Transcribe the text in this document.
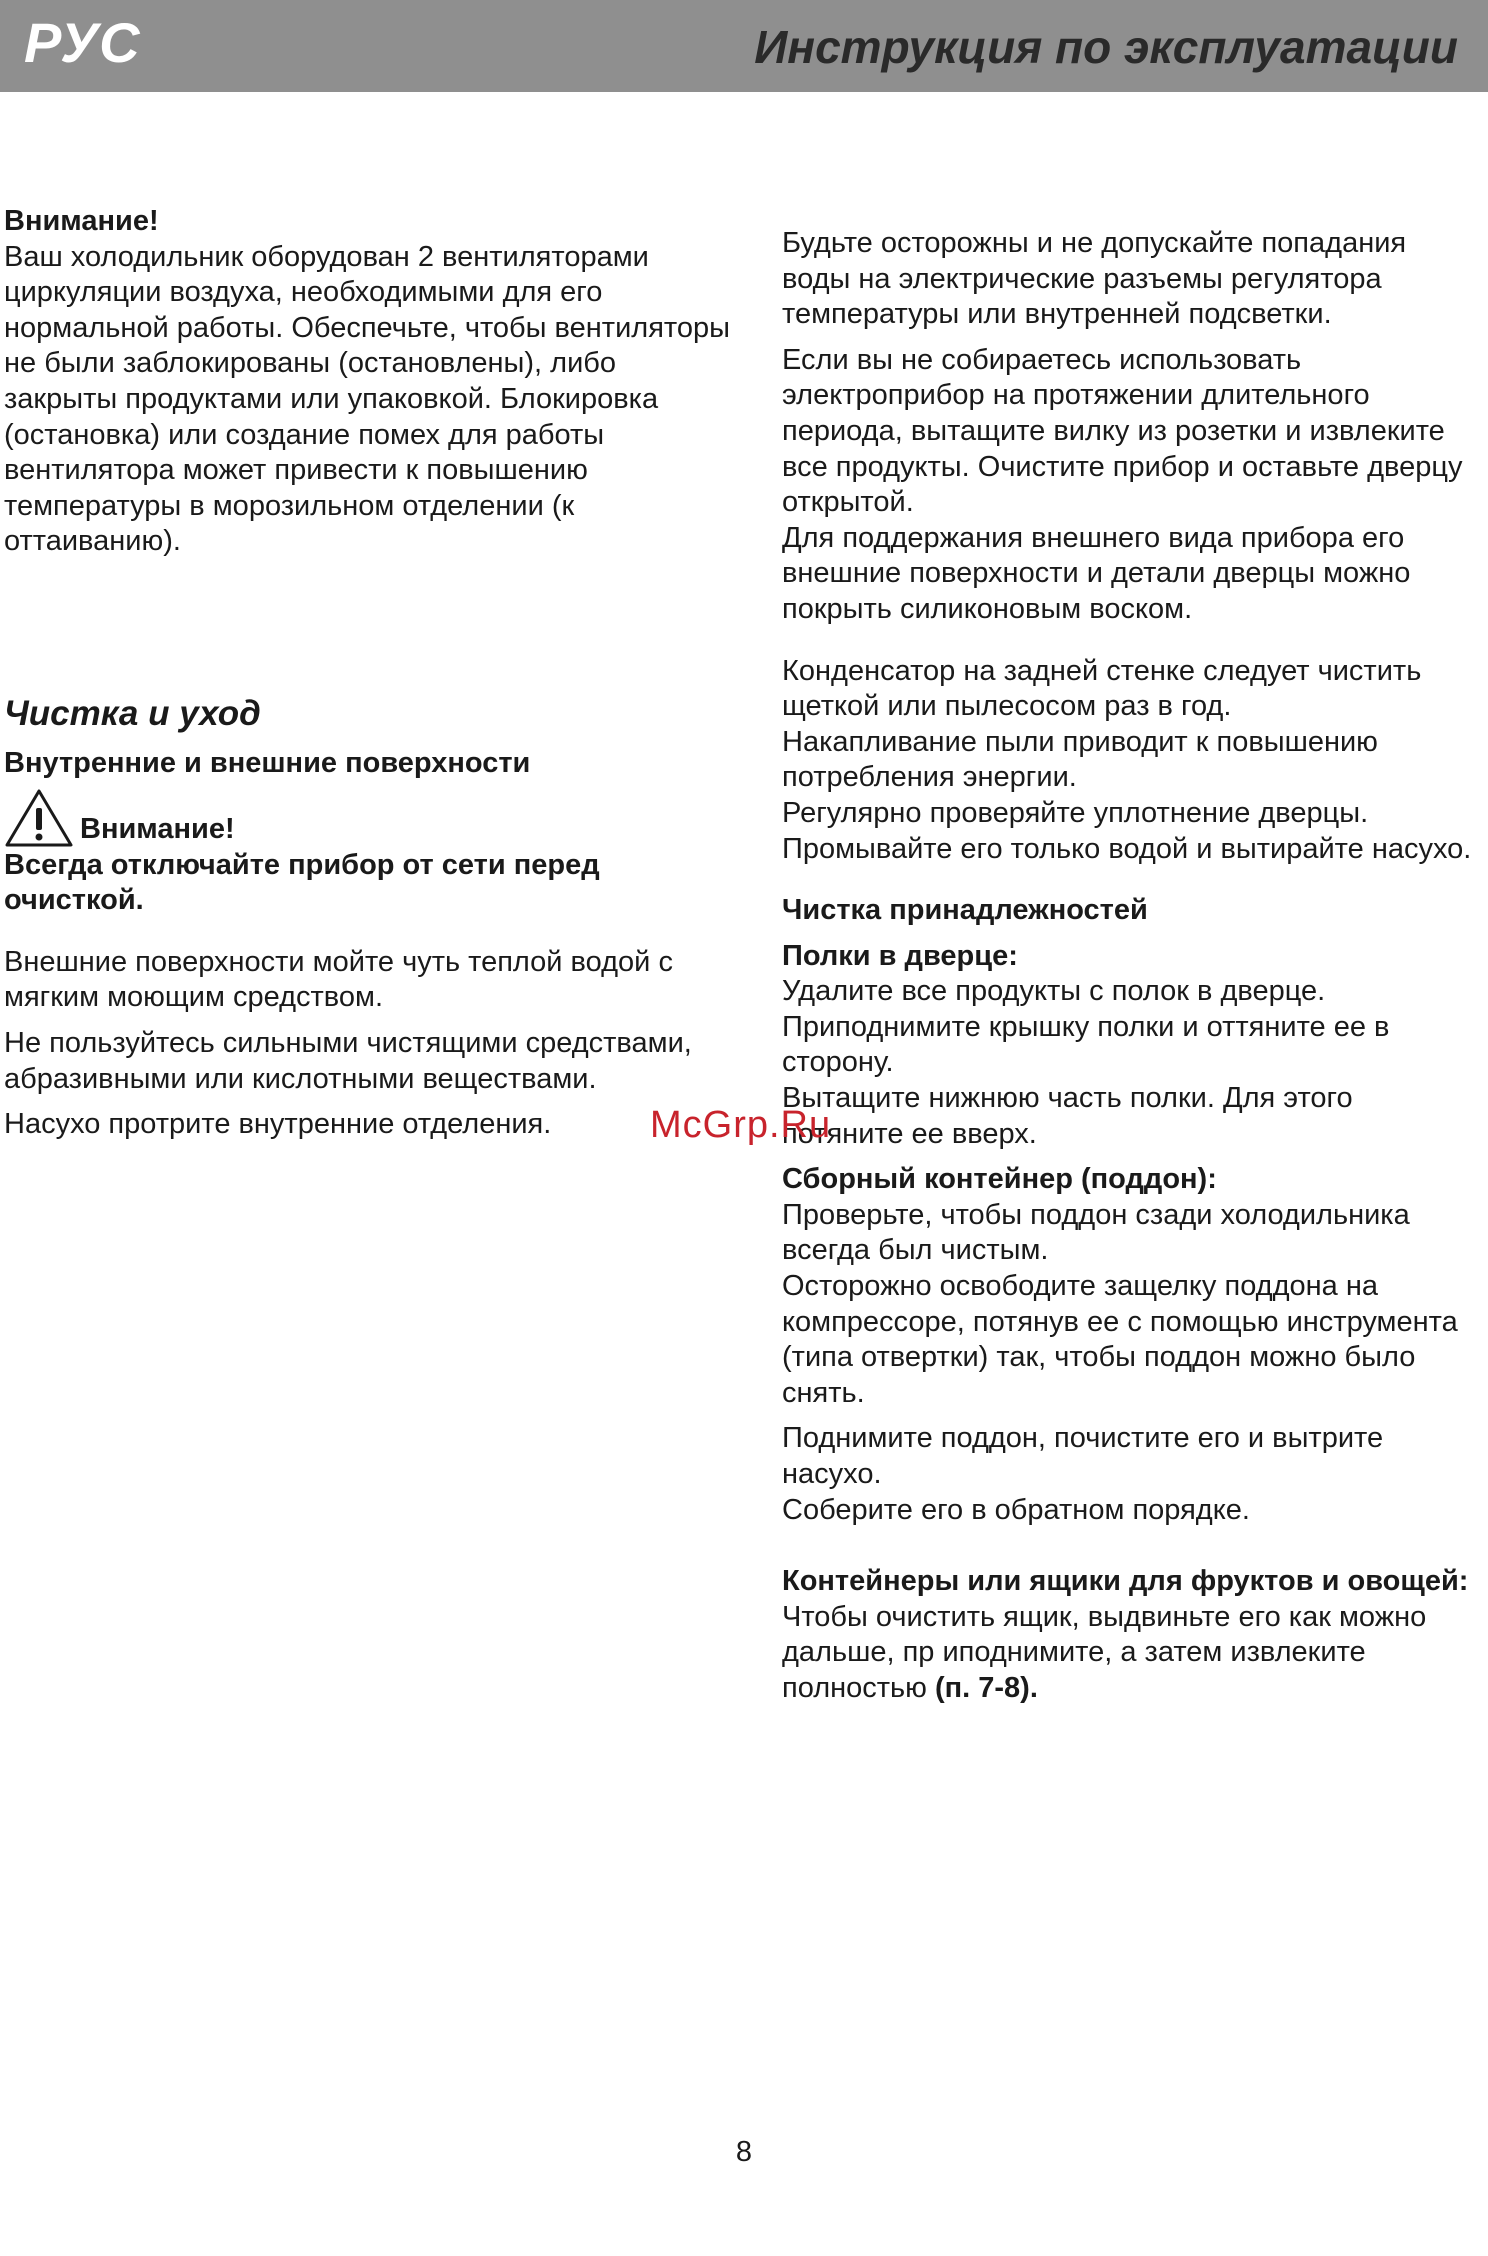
РУС	Инструкция по эксплуатации

Внимание!

Ваш холодильник оборудован 2 вентиляторами циркуляции воздуха, необходимыми для его нормальной работы. Обеспечьте, чтобы вентиляторы не были заблокированы (остановлены), либо закрыты продуктами или упаковкой. Блокировка (остановка) или создание помех для работы вентилятора может привести к повышению температуры в морозильном отделении (к оттаиванию).

Чистка и уход

Внутренние и внешние поверхности

Внимание!

Всегда отключайте прибор от сети перед очисткой.

Внешние поверхности мойте чуть теплой водой с мягким моющим средством.

Не пользуйтесь сильными чистящими средствами, абразивными или кислотными веществами.

Насухо протрите внутренние отделения.

Будьте осторожны и не допускайте попадания воды на электрические разъемы регулятора температуры или внутренней подсветки.

Если вы не собираетесь использовать электроприбор на протяжении длительного периода, вытащите вилку из розетки и извлеките все продукты. Очистите прибор и оставьте дверцу открытой.

Для поддержания внешнего вида прибора его внешние поверхности и детали дверцы можно покрыть силиконовым воском.

Конденсатор на задней стенке следует чистить щеткой или пылесосом раз в год.

Накапливание пыли приводит к повышению потребления энергии.

Регулярно проверяйте уплотнение дверцы. Промывайте его только водой и вытирайте насухо.

Чистка принадлежностей

Полки в дверце:

Удалите все продукты с полок в дверце.

Приподнимите крышку полки и оттяните ее в сторону.

Вытащите нижнюю часть полки. Для этого потяните ее вверх.

Сборный контейнер (поддон):

Проверьте, чтобы поддон сзади холодильника всегда был чистым.

Осторожно освободите защелку поддона на компрессоре, потянув ее с помощью инструмента (типа отвертки) так, чтобы поддон можно было снять.

Поднимите поддон, почистите его и вытрите насухо.

Соберите его в обратном порядке.

Контейнеры или ящики для фруктов и овощей:

Чтобы очистить ящик, выдвиньте его как можно дальше, пр иподнимите, а затем извлеките полностью (п. 7-8).

McGrp.Ru
8
